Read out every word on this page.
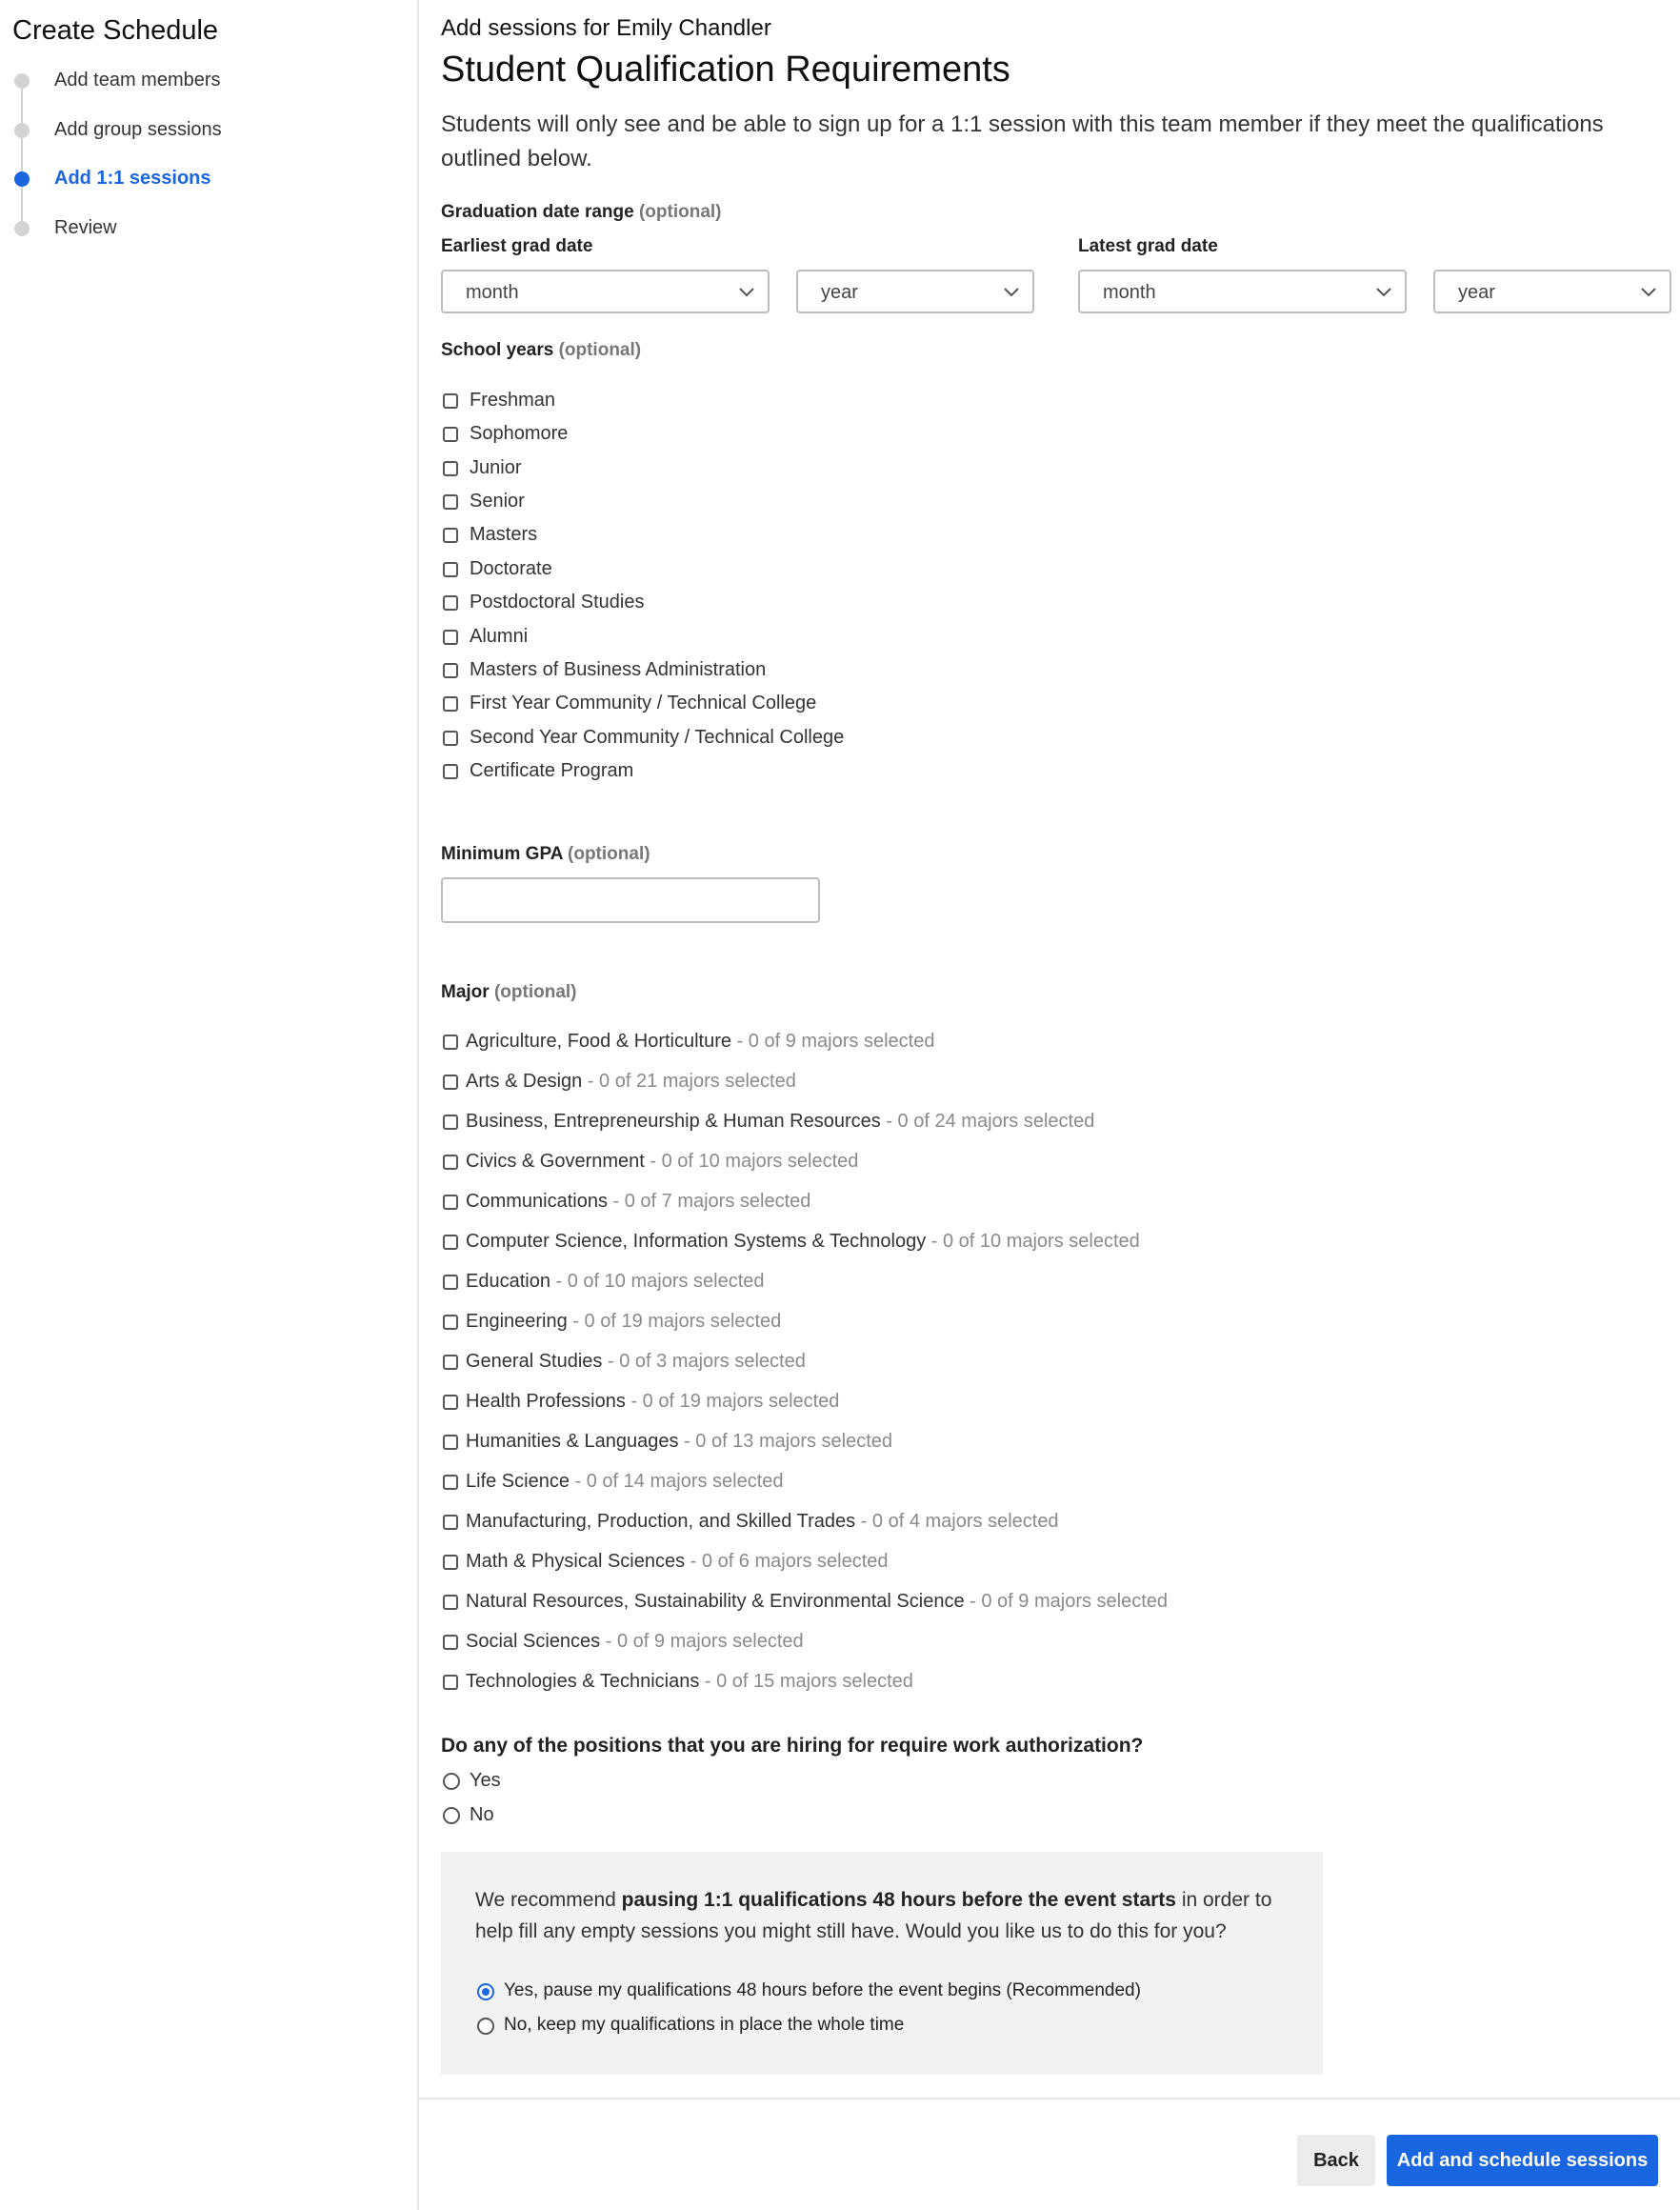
Create Schedule
Add team members
Add group sessions
Add 1:1 sessions
Review
Add sessions for Emily Chandler
Student Qualification Requirements
Students will only see and be able to sign up for a 1:1 session with this team member if they meet the qualifications outlined below.
Graduation date range (optional)
Earliest grad date	Latest grad date
month	year	month	year
School years (optional)
Freshman
Sophomore
Junior
Senior
Masters
Doctorate
Postdoctoral Studies
Alumni
Masters of Business Administration
First Year Community / Technical College
Second Year Community / Technical College
Certificate Program
Minimum GPA (optional)
Major (optional)
Agriculture, Food & Horticulture - 0 of 9 majors selected
Arts & Design - 0 of 21 majors selected
Business, Entrepreneurship & Human Resources - 0 of 24 majors selected
Civics & Government - 0 of 10 majors selected
Communications - 0 of 7 majors selected
Computer Science, Information Systems & Technology - 0 of 10 majors selected
Education - 0 of 10 majors selected
Engineering - 0 of 19 majors selected
General Studies - 0 of 3 majors selected
Health Professions - 0 of 19 majors selected
Humanities & Languages - 0 of 13 majors selected
Life Science - 0 of 14 majors selected
Manufacturing, Production, and Skilled Trades - 0 of 4 majors selected
Math & Physical Sciences - 0 of 6 majors selected
Natural Resources, Sustainability & Environmental Science - 0 of 9 majors selected
Social Sciences - 0 of 9 majors selected
Technologies & Technicians - 0 of 15 majors selected
Do any of the positions that you are hiring for require work authorization?
Yes
No
We recommend pausing 1:1 qualifications 48 hours before the event starts in order to help fill any empty sessions you might still have. Would you like us to do this for you?
Yes, pause my qualifications 48 hours before the event begins (Recommended)
No, keep my qualifications in place the whole time
Back	Add and schedule sessions
